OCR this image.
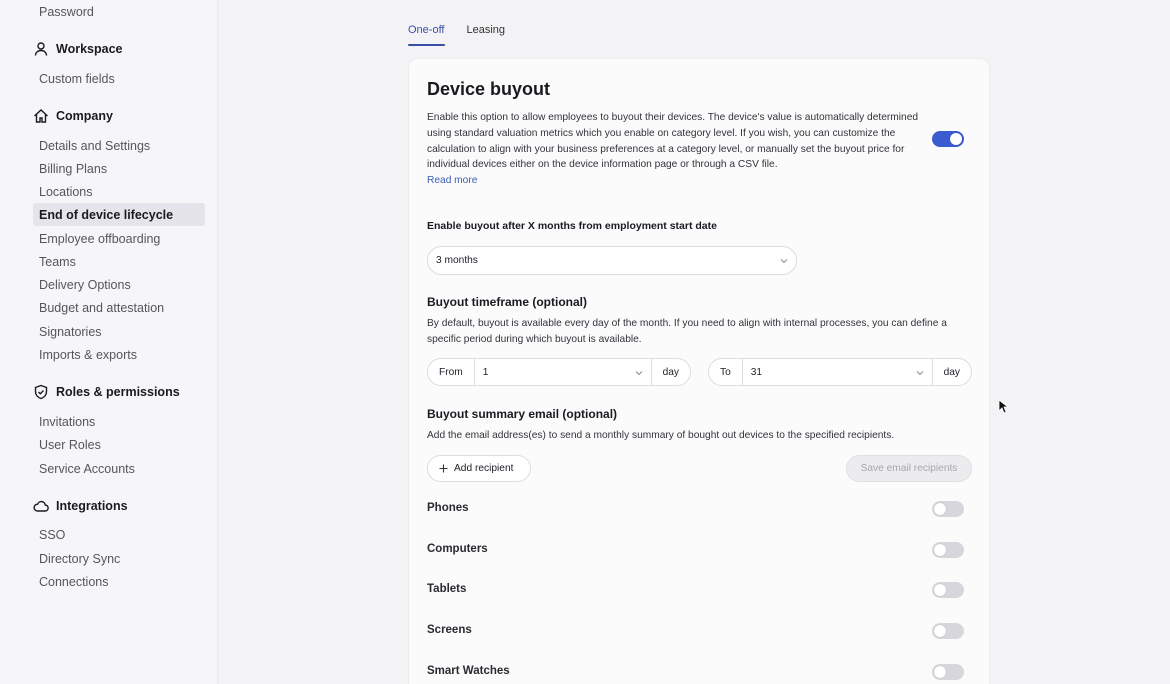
Password
Workspace
Custom fields
Company
Details and Settings
Billing Plans
Locations
End of device lifecycle
Employee offboarding
Teams
Delivery Options
Budget and attestation
Signatories
Imports & exports
Roles & permissions
Invitations
User Roles
Service Accounts
Integrations
SSO
Directory Sync
Connections
One-off Leasing
Device buyout
Enable this option to allow employees to buyout their devices. The device's value is automatically determined using standard valuation metrics which you enable on category level. If you wish, you can customize the calculation to align with your business preferences at a category level, or manually set the buyout price for individual devices either on the device information page or through a CSV file.
Read more
Enable buyout after X months from employment start date
3 months
Buyout timeframe (optional)
By default, buyout is available every day of the month. If you need to align with internal processes, you can define a specific period during which buyout is available.
From	1	day	To	31	day
Buyout summary email (optional)
Add the email address(es) to send a monthly summary of bought out devices to the specified recipients.
Add recipient	Save email recipients
Phones
Computers
Tablets
Screens
Smart Watches
